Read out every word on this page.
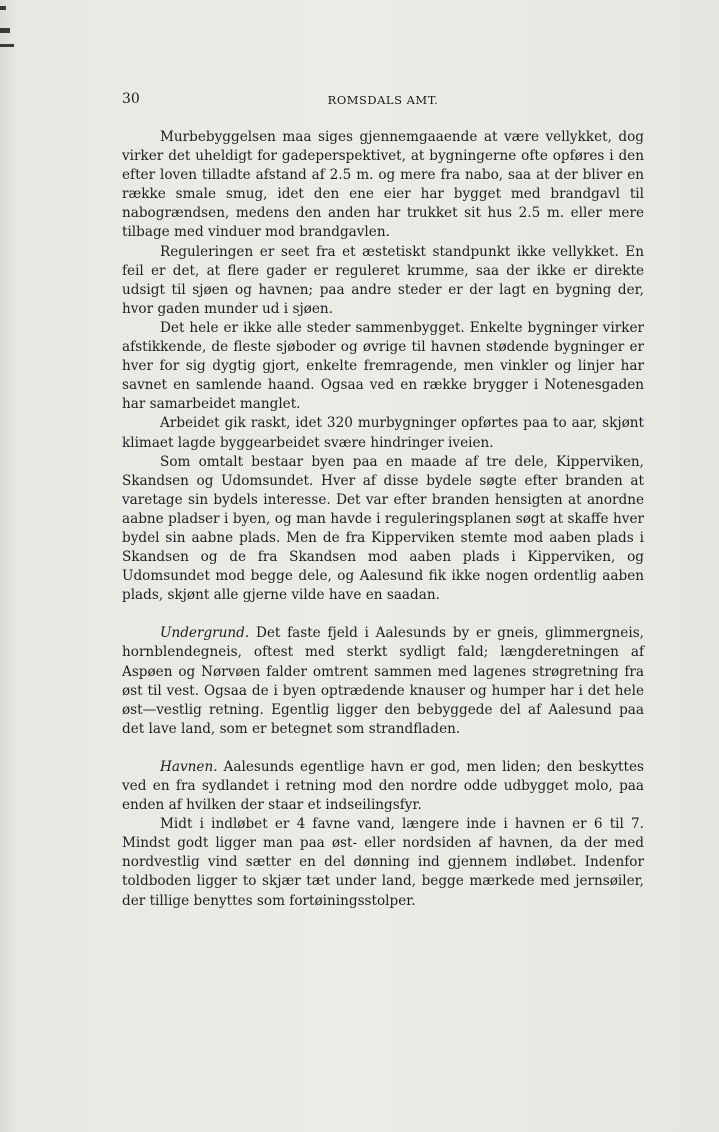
30	ROMSDALS AMT.

Murbebyggelsen maa siges gjennemgaaende at være vellykket, dog virker det uheldigt for gadeperspektivet, at bygningerne ofte opføres i den efter loven tilladte afstand af 2.5 m. og mere fra nabo, saa at der bliver en række smale smug, idet den ene eier har bygget med brandgavl til nabogrændsen, medens den anden har trukket sit hus 2.5 m. eller mere tilbage med vinduer mod brandgavlen.

Reguleringen er seet fra et æstetiskt standpunkt ikke vellykket. En feil er det, at flere gader er reguleret krumme, saa der ikke er direkte udsigt til sjøen og havnen; paa andre steder er der lagt en bygning der, hvor gaden munder ud i sjøen.

Det hele er ikke alle steder sammenbygget. Enkelte bygninger virker afstikkende, de fleste sjøboder og øvrige til havnen stødende bygninger er hver for sig dygtig gjort, enkelte fremragende, men vinkler og linjer har savnet en samlende haand. Ogsaa ved en række brygger i Notenesgaden har samarbeidet manglet.

Arbeidet gik raskt, idet 320 murbygninger opførtes paa to aar, skjønt klimaet lagde byggearbeidet svære hindringer iveien.

Som omtalt bestaar byen paa en maade af tre dele, Kipperviken, Skandsen og Udomsundet. Hver af disse bydele søgte efter branden at varetage sin bydels interesse. Det var efter branden hensigten at anordne aabne pladser i byen, og man havde i reguleringsplanen søgt at skaffe hver bydel sin aabne plads. Men de fra Kipperviken stemte mod aaben plads i Skandsen og de fra Skandsen mod aaben plads i Kipperviken, og Udomsundet mod begge dele, og Aalesund fik ikke nogen ordentlig aaben plads, skjønt alle gjerne vilde have en saadan.

Undergrund. Det faste fjeld i Aalesunds by er gneis, glimmergneis, hornblendegneis, oftest med sterkt sydligt fald; længderetningen af Aspøen og Nørvøen falder omtrent sammen med lagenes strøgretning fra øst til vest. Ogsaa de i byen optrædende knauser og humper har i det hele øst—vestlig retning. Egentlig ligger den bebyggede del af Aalesund paa det lave land, som er betegnet som strandfladen.

Havnen. Aalesunds egentlige havn er god, men liden; den beskyttes ved en fra sydlandet i retning mod den nordre odde udbygget molo, paa enden af hvilken der staar et indseilingsfyr.

Midt i indløbet er 4 favne vand, længere inde i havnen er 6 til 7. Mindst godt ligger man paa øst- eller nordsiden af havnen, da der med nordvestlig vind sætter en del dønning ind gjennem indløbet. Indenfor toldboden ligger to skjær tæt under land, begge mærkede med jernsøiler, der tillige benyttes som fortøiningsstolper.
